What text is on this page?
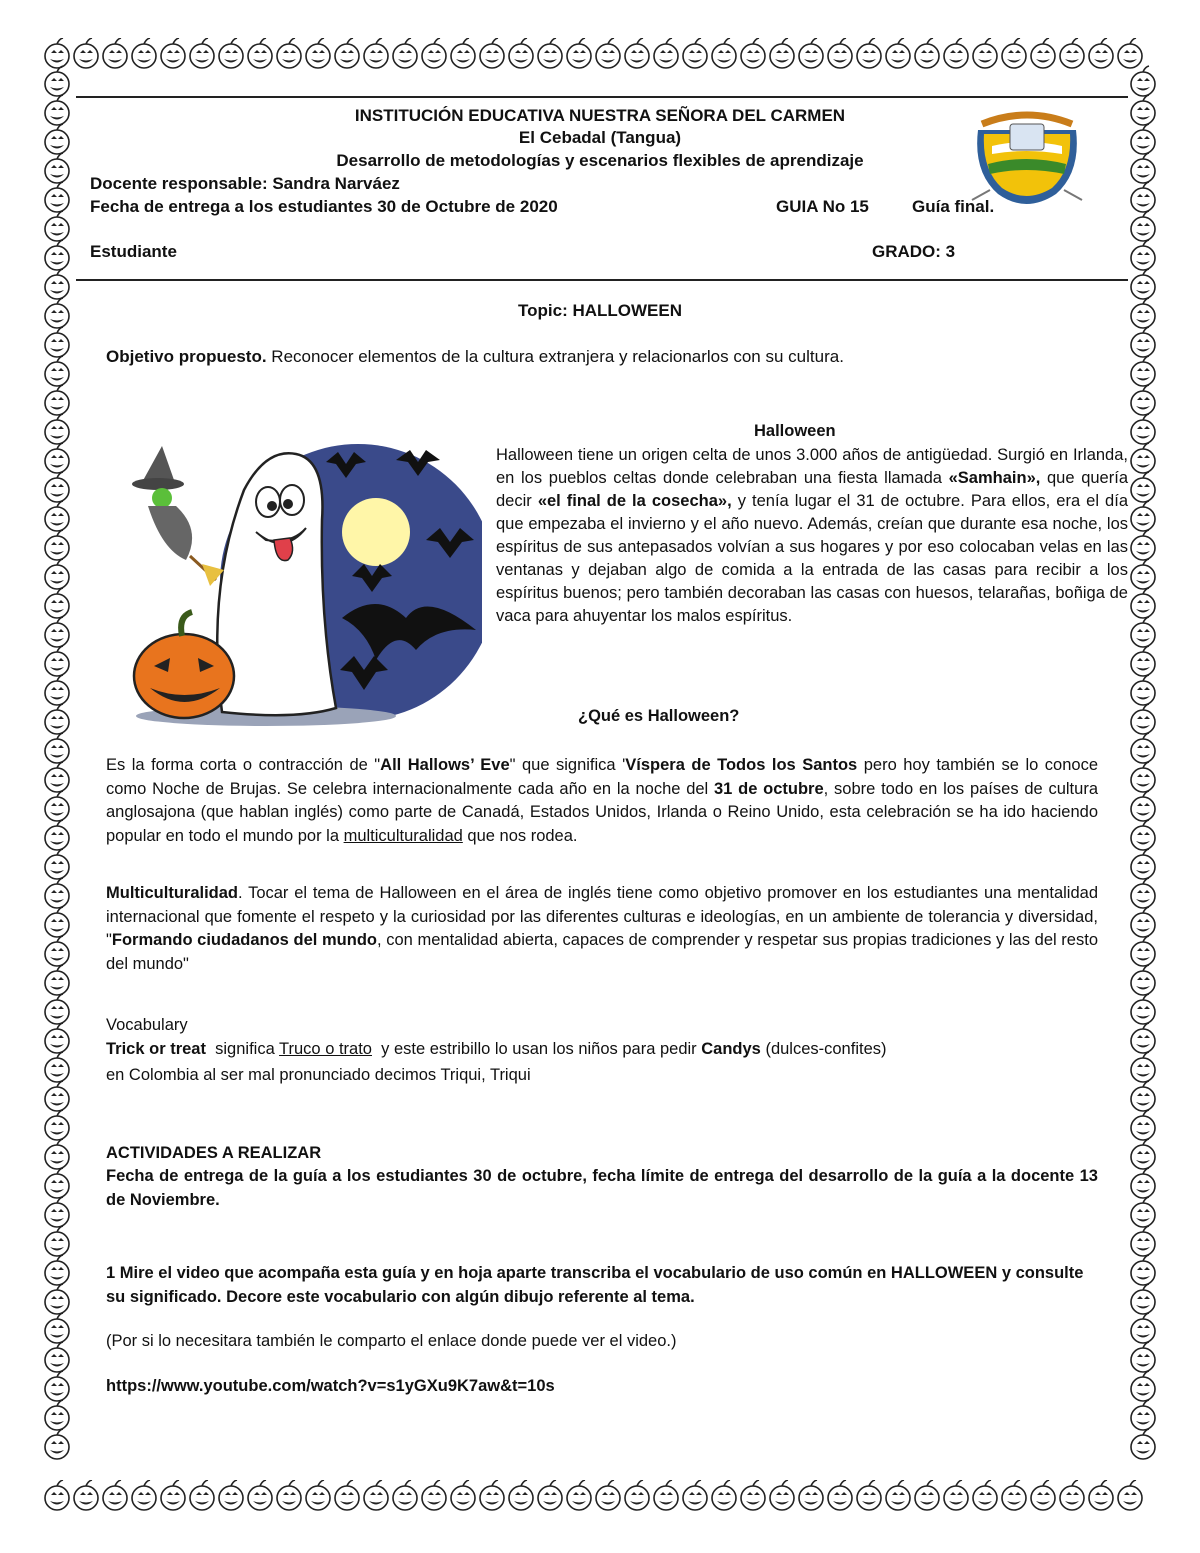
INSTITUCIÓN EDUCATIVA NUESTRA SEÑORA DEL CARMEN
El Cebadal (Tangua)
Desarrollo de metodologías y escenarios flexibles de aprendizaje
Docente responsable: Sandra Narváez
Fecha de entrega a los estudiantes 30 de Octubre de 2020	GUIA No 15	Guía final.
Estudiante	GRADO: 3
Topic: HALLOWEEN
Objetivo propuesto. Reconocer elementos de la cultura extranjera y relacionarlos con su cultura.
Halloween
Halloween tiene un origen celta de unos 3.000 años de antigüedad. Surgió en Irlanda, en los pueblos celtas donde celebraban una fiesta llamada «Samhain», que quería decir «el final de la cosecha», y tenía lugar el 31 de octubre. Para ellos, era el día que empezaba el invierno y el año nuevo. Además, creían que durante esa noche, los espíritus de sus antepasados volvían a sus hogares y por eso colocaban velas en las ventanas y dejaban algo de comida a la entrada de las casas para recibir a los espíritus buenos; pero también decoraban las casas con huesos, telarañas, boñiga de vaca para ahuyentar los malos espíritus.
¿Qué es Halloween?
Es la forma corta o contracción de "All Hallows’ Eve" que significa 'Víspera de Todos los Santos pero hoy también se lo conoce como Noche de Brujas. Se celebra internacionalmente cada año en la noche del 31 de octubre, sobre todo en los países de cultura anglosajona (que hablan inglés) como parte de Canadá, Estados Unidos, Irlanda o Reino Unido, esta celebración se ha ido haciendo popular en todo el mundo por la multiculturalidad que nos rodea.
Multiculturalidad. Tocar el tema de Halloween en el área de inglés tiene como objetivo promover en los estudiantes una mentalidad internacional que fomente el respeto y la curiosidad por las diferentes culturas e ideologías, en un ambiente de tolerancia y diversidad, "Formando ciudadanos del mundo, con mentalidad abierta, capaces de comprender y respetar sus propias tradiciones y las del resto del mundo"
Vocabulary
Trick or treat  significa Truco o trato  y este estribillo lo usan los niños para pedir Candys (dulces-confites)
en Colombia al ser mal pronunciado decimos Triqui, Triqui
ACTIVIDADES A REALIZAR
Fecha de entrega de la guía a los estudiantes 30 de octubre, fecha límite de entrega del desarrollo de la guía a la docente 13 de Noviembre.
1 Mire el video que acompaña esta guía y en hoja aparte transcriba el vocabulario de uso común en HALLOWEEN y consulte su significado. Decore este vocabulario con algún dibujo referente al tema.
(Por si lo necesitara también le comparto el enlace donde puede ver el video.)
https://www.youtube.com/watch?v=s1yGXu9K7aw&t=10s
